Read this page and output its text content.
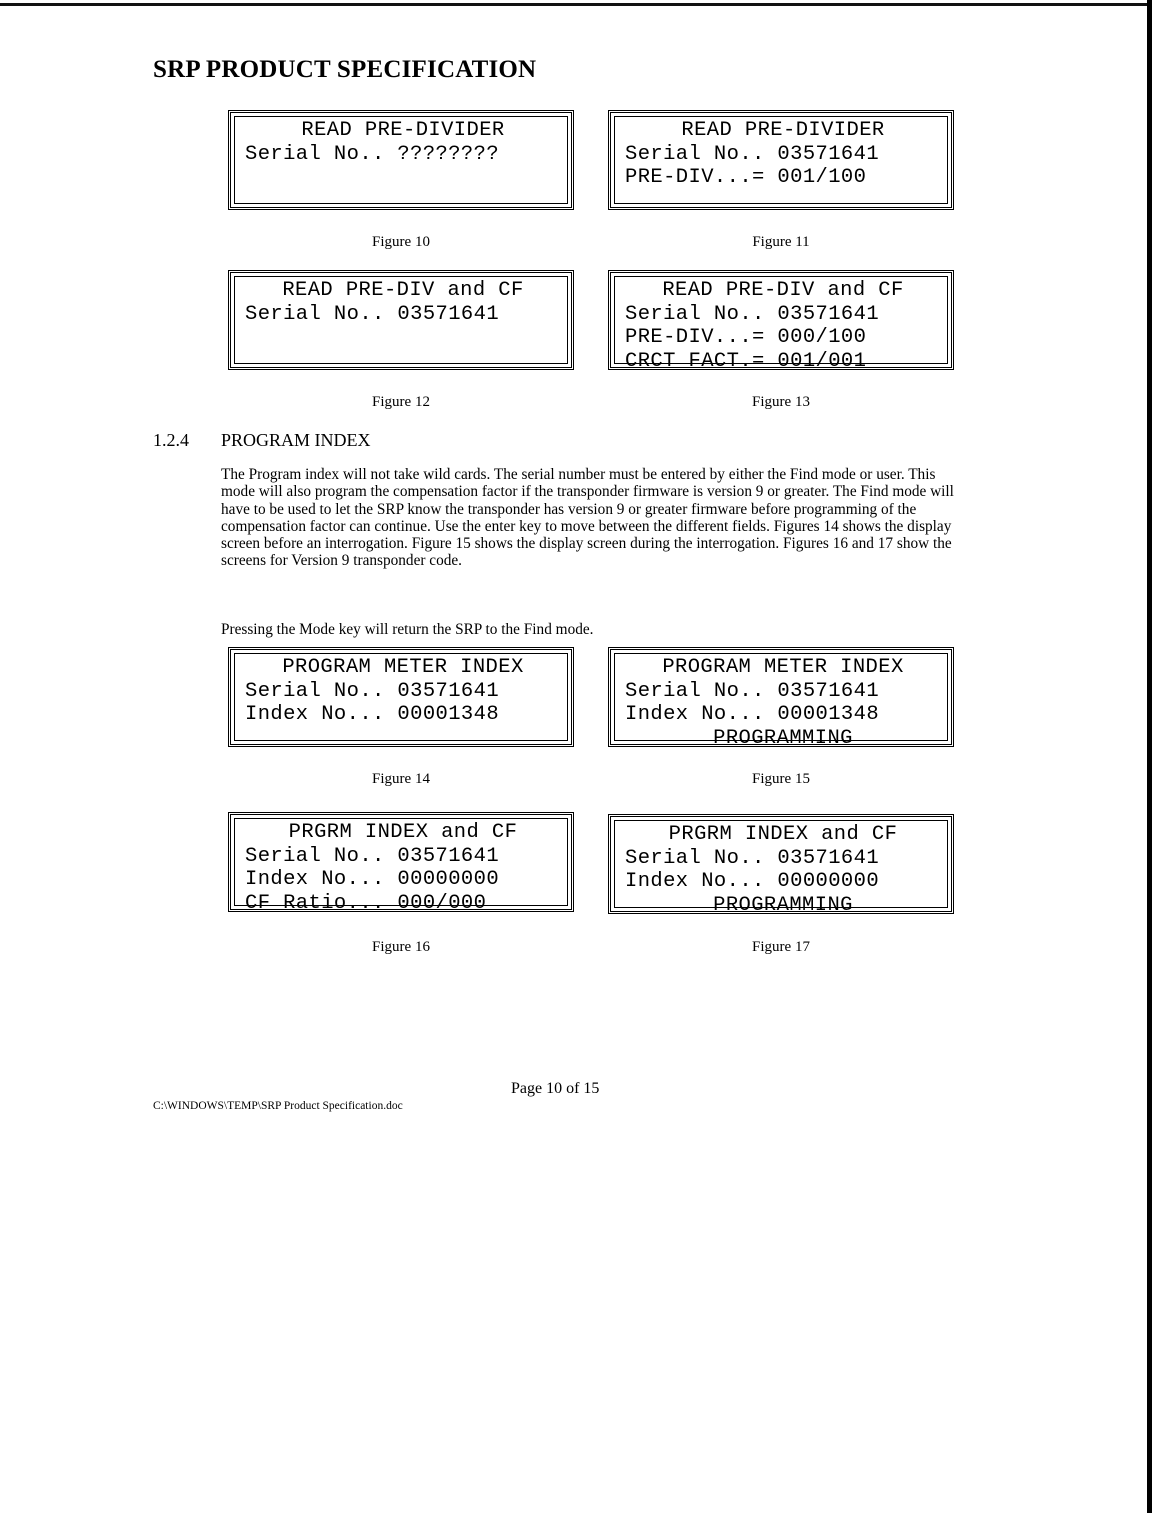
SRP PRODUCT SPECIFICATION
READ PRE-DIVIDER
Serial No.. ????????
Figure 10
READ PRE-DIVIDER
Serial No.. 03571641
PRE-DIV...= 001/100
Figure 11
READ PRE-DIV and CF
Serial No.. 03571641
Figure 12
READ PRE-DIV and CF
Serial No.. 03571641
PRE-DIV...= 000/100
CRCT FACT.= 001/001
Figure 13
PROGRAM METER INDEX
Serial No.. 03571641
Index No... 00001348
Figure 14
PROGRAM METER INDEX
Serial No.. 03571641
Index No... 00001348
PROGRAMMING
Figure 15
PRGRM INDEX and CF
Serial No.. 03571641
Index No... 00000000
CF Ratio... 000/000
Figure 16
PRGRM INDEX and CF
Serial No.. 03571641
Index No... 00000000
PROGRAMMING
Figure 17
1.2.4 PROGRAM INDEX
The Program index will not take wild cards. The serial number must be entered by either the Find mode or user. This mode will also program the compensation factor if the transponder firmware is version 9 or greater. The Find mode will have to be used to let the SRP know the transponder has version 9 or greater firmware before programming of the compensation factor can continue. Use the enter key to move between the different fields. Figures 14 shows the display screen before an interrogation. Figure 15 shows the display screen during the interrogation. Figures 16 and 17 show the screens for Version 9 transponder code.
Pressing the Mode key will return the SRP to the Find mode.
Page 10 of 15
C:\WINDOWS\TEMP\SRP Product Specification.doc
